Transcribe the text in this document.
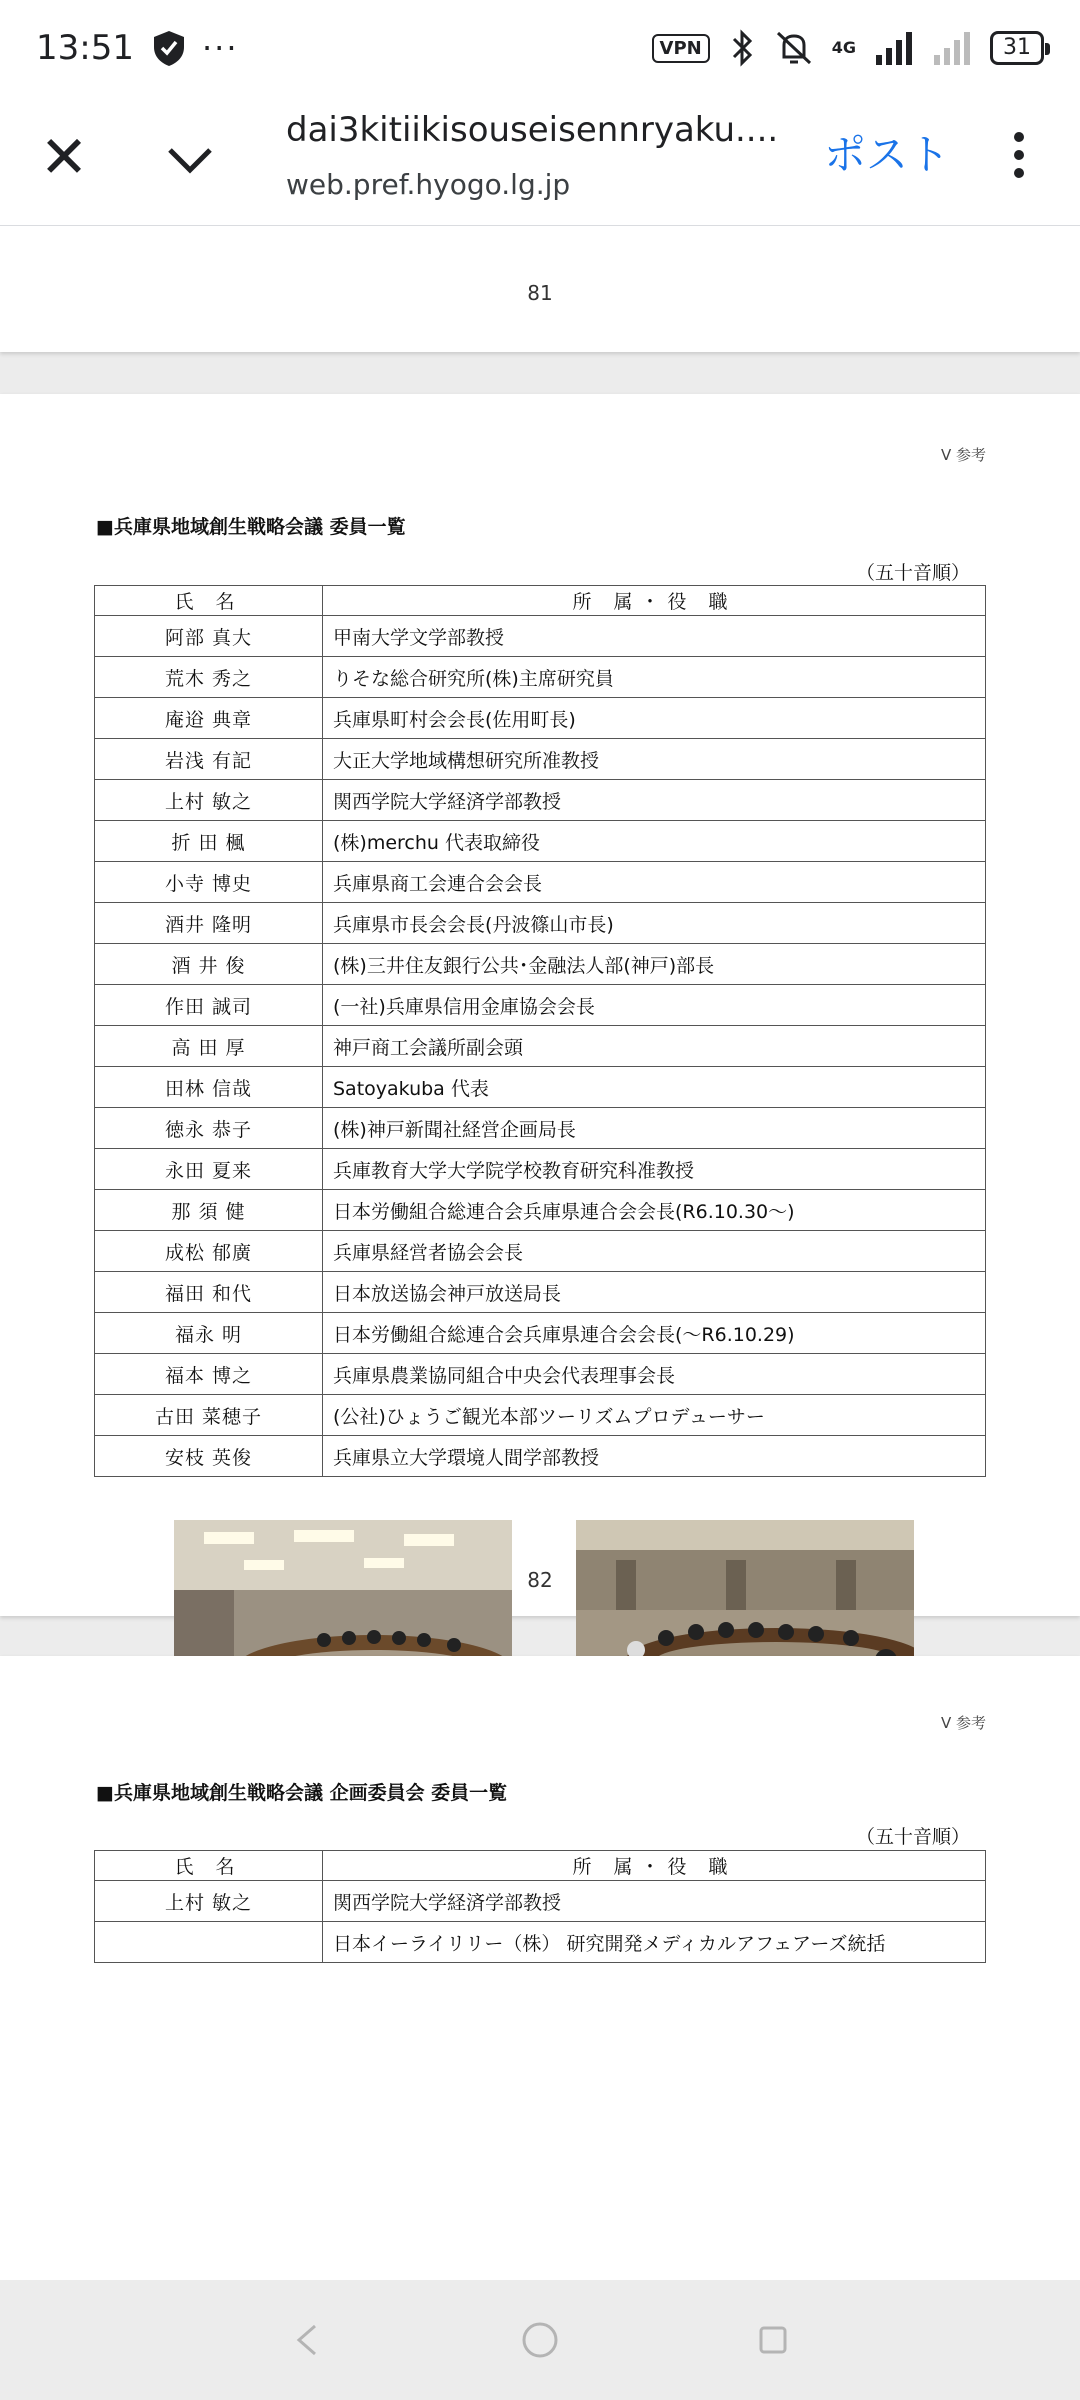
13:51 ···	VPN	4G	31
✕	dai3kitiikisouseisennryaku....
web.pref.hyogo.lg.jp
ポスト
81
Ⅴ 参考
■兵庫県地域創生戦略会議 委員一覧
（五十音順）
氏 名	所 属・役 職
阿部 真大	甲南大学文学部教授
荒木 秀之	りそな総合研究所(株)主席研究員
庵逧 典章	兵庫県町村会会長(佐用町長)
岩浅 有記	大正大学地域構想研究所准教授
上村 敏之	関西学院大学経済学部教授
折 田 楓	(株)merchu 代表取締役
小寺 博史	兵庫県商工会連合会会長
酒井 隆明	兵庫県市長会会長(丹波篠山市長)
酒 井 俊	(株)三井住友銀行公共･金融法人部(神戸)部長
作田 誠司	(一社)兵庫県信用金庫協会会長
高 田 厚	神戸商工会議所副会頭
田林 信哉	Satoyakuba 代表
徳永 恭子	(株)神戸新聞社経営企画局長
永田 夏来	兵庫教育大学大学院学校教育研究科准教授
那 須 健	日本労働組合総連合会兵庫県連合会会長(R6.10.30～)
成松 郁廣	兵庫県経営者協会会長
福田 和代	日本放送協会神戸放送局長
福永 明	日本労働組合総連合会兵庫県連合会会長(～R6.10.29)
福本 博之	兵庫県農業協同組合中央会代表理事会長
古田 菜穂子	(公社)ひょうご観光本部ツーリズムプロデューサー
安枝 英俊	兵庫県立大学環境人間学部教授
82
Ⅴ 参考
■兵庫県地域創生戦略会議 企画委員会 委員一覧
（五十音順）
氏 名	所 属・役 職
上村 敏之	関西学院大学経済学部教授
	日本イーライリリー（株） 研究開発メディカルアフェアーズ統括
